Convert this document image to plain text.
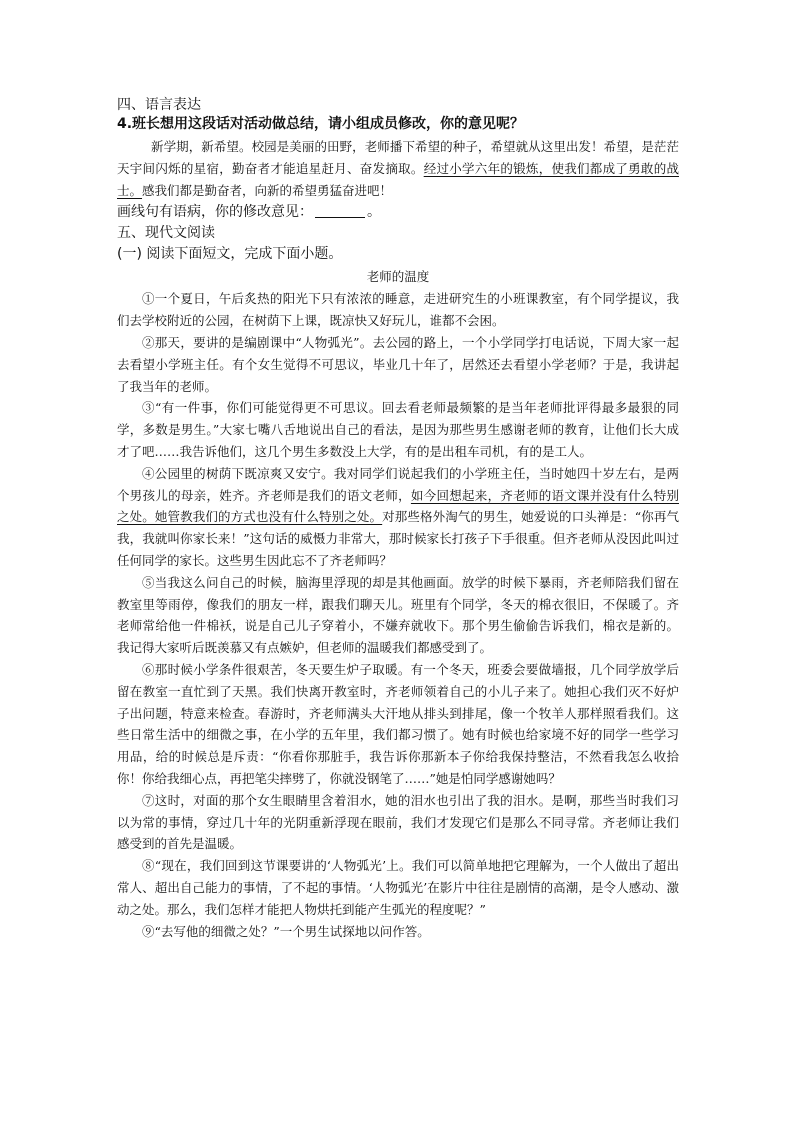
四、语言表达

4.班长想用这段话对活动做总结，请小组成员修改，你的意见呢？

新学期，新希望。校园是美丽的田野，老师播下希望的种子，希望就从这里出发！希望，是茫茫天宇间闪烁的星宿，勤奋者才能追星赶月、奋发摘取。经过小学六年的锻炼，使我们都成了勇敢的战士。感我们都是勤奋者，向新的希望勇猛奋进吧！

画线句有语病，你的修改意见：	。

五、现代文阅读

(一) 阅读下面短文，完成下面小题。

老师的温度

①一个夏日，午后炙热的阳光下只有浓浓的睡意，走进研究生的小班课教室，有个同学提议，我们去学校附近的公园，在树荫下上课，既凉快又好玩儿，谁都不会困。

②那天，要讲的是编剧课中“人物弧光”。去公园的路上，一个小学同学打电话说，下周大家一起去看望小学班主任。有个女生觉得不可思议，毕业几十年了，居然还去看望小学老师？于是，我讲起了我当年的老师。

③“有一件事，你们可能觉得更不可思议。回去看老师最频繁的是当年老师批评得最多最狠的同学，多数是男生。”大家七嘴八舌地说出自己的看法，是因为那些男生感谢老师的教育，让他们长大成才了吧……我告诉他们，这几个男生多数没上大学，有的是出租车司机，有的是工人。

④公园里的树荫下既凉爽又安宁。我对同学们说起我们的小学班主任，当时她四十岁左右，是两个男孩儿的母亲，姓齐。齐老师是我们的语文老师，如今回想起来，齐老师的语文课并没有什么特别之处。她管教我们的方式也没有什么特别之处。对那些格外淘气的男生，她爱说的口头禅是：“你再气我，我就叫你家长来！”这句话的威慑力非常大，那时候家长打孩子下手很重。但齐老师从没因此叫过任何同学的家长。这些男生因此忘不了齐老师吗？

⑤当我这么问自己的时候，脑海里浮现的却是其他画面。放学的时候下暴雨，齐老师陪我们留在教室里等雨停，像我们的朋友一样，跟我们聊天儿。班里有个同学，冬天的棉衣很旧，不保暖了。齐老师常给他一件棉袄，说是自己儿子穿着小，不嫌弃就收下。那个男生偷偷告诉我们，棉衣是新的。我记得大家听后既羡慕又有点嫉妒，但老师的温暖我们都感受到了。

⑥那时候小学条件很艰苦，冬天要生炉子取暖。有一个冬天，班委会要做墙报，几个同学放学后留在教室一直忙到了天黑。我们快离开教室时，齐老师领着自己的小儿子来了。她担心我们灭不好炉子出问题，特意来检查。春游时，齐老师满头大汗地从排头到排尾，像一个牧羊人那样照看我们。这些日常生活中的细微之事，在小学的五年里，我们都习惯了。她有时候也给家境不好的同学一些学习用品，给的时候总是斥责：“你看你那脏手，我告诉你那新本子你给我保持整洁，不然看我怎么收拾你！你给我细心点，再把笔尖摔劈了，你就没钢笔了……”她是怕同学感谢她吗？

⑦这时，对面的那个女生眼睛里含着泪水，她的泪水也引出了我的泪水。是啊，那些当时我们习以为常的事情，穿过几十年的光阴重新浮现在眼前，我们才发现它们是那么不同寻常。齐老师让我们感受到的首先是温暖。

⑧“现在，我们回到这节课要讲的‘人物弧光’上。我们可以简单地把它理解为，一个人做出了超出常人、超出自己能力的事情，了不起的事情。‘人物弧光’在影片中往往是剧情的高潮，是令人感动、激动之处。那么，我们怎样才能把人物烘托到能产生弧光的程度呢？”

⑨“去写他的细微之处？”一个男生试探地以问作答。
